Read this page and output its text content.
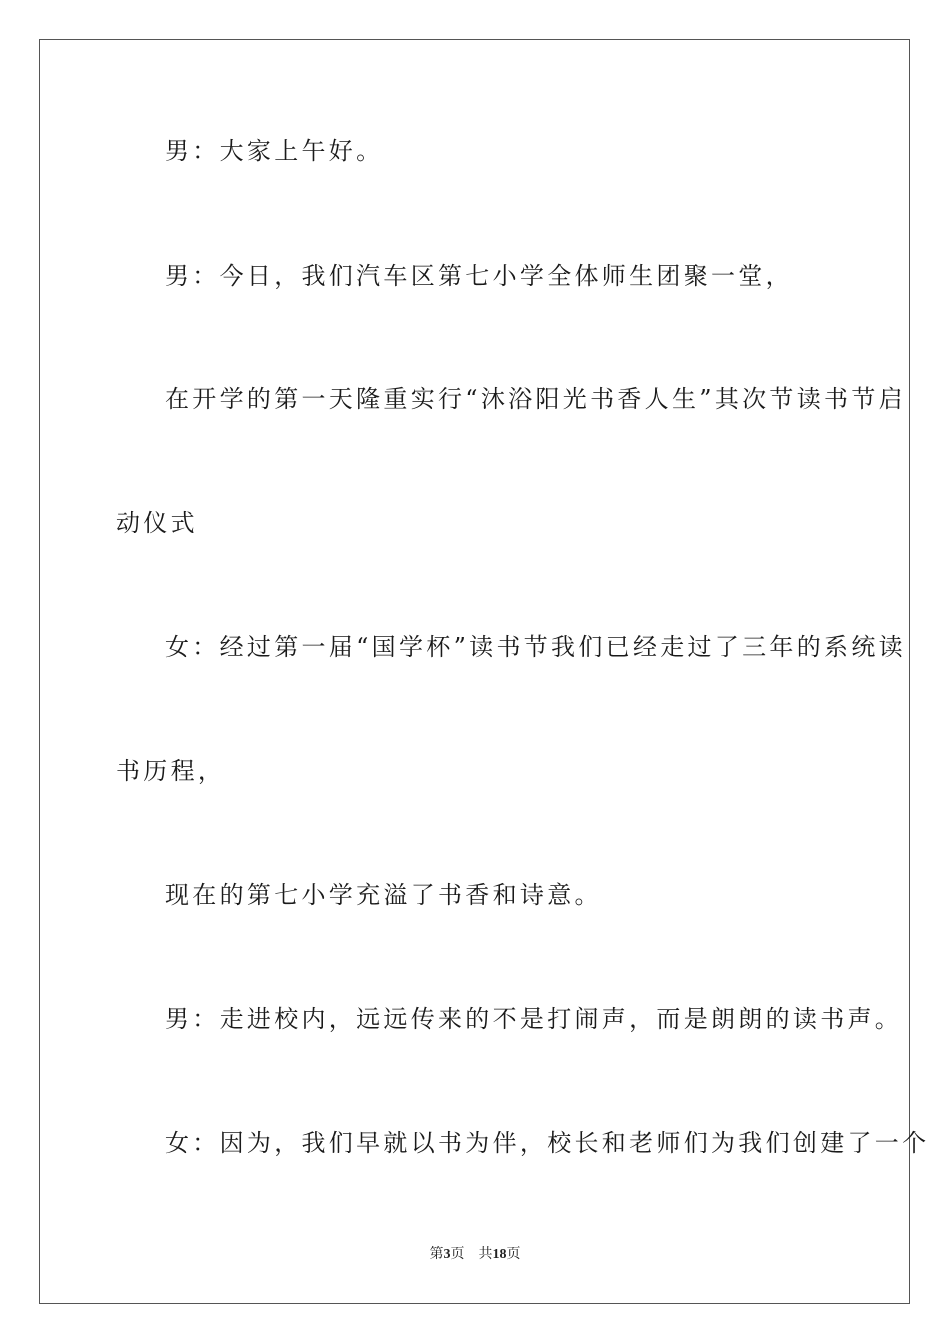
男：大家上午好。
男：今日，我们汽车区第七小学全体师生团聚一堂，
在开学的第一天隆重实行“沐浴阳光书香人生”其次节读书节启
动仪式
女：经过第一届“国学杯”读书节我们已经走过了三年的系统读
书历程，
现在的第七小学充溢了书香和诗意。
男：走进校内，远远传来的不是打闹声，而是朗朗的读书声。
女：因为，我们早就以书为伴，校长和老师们为我们创建了一个
第3页 共18页
